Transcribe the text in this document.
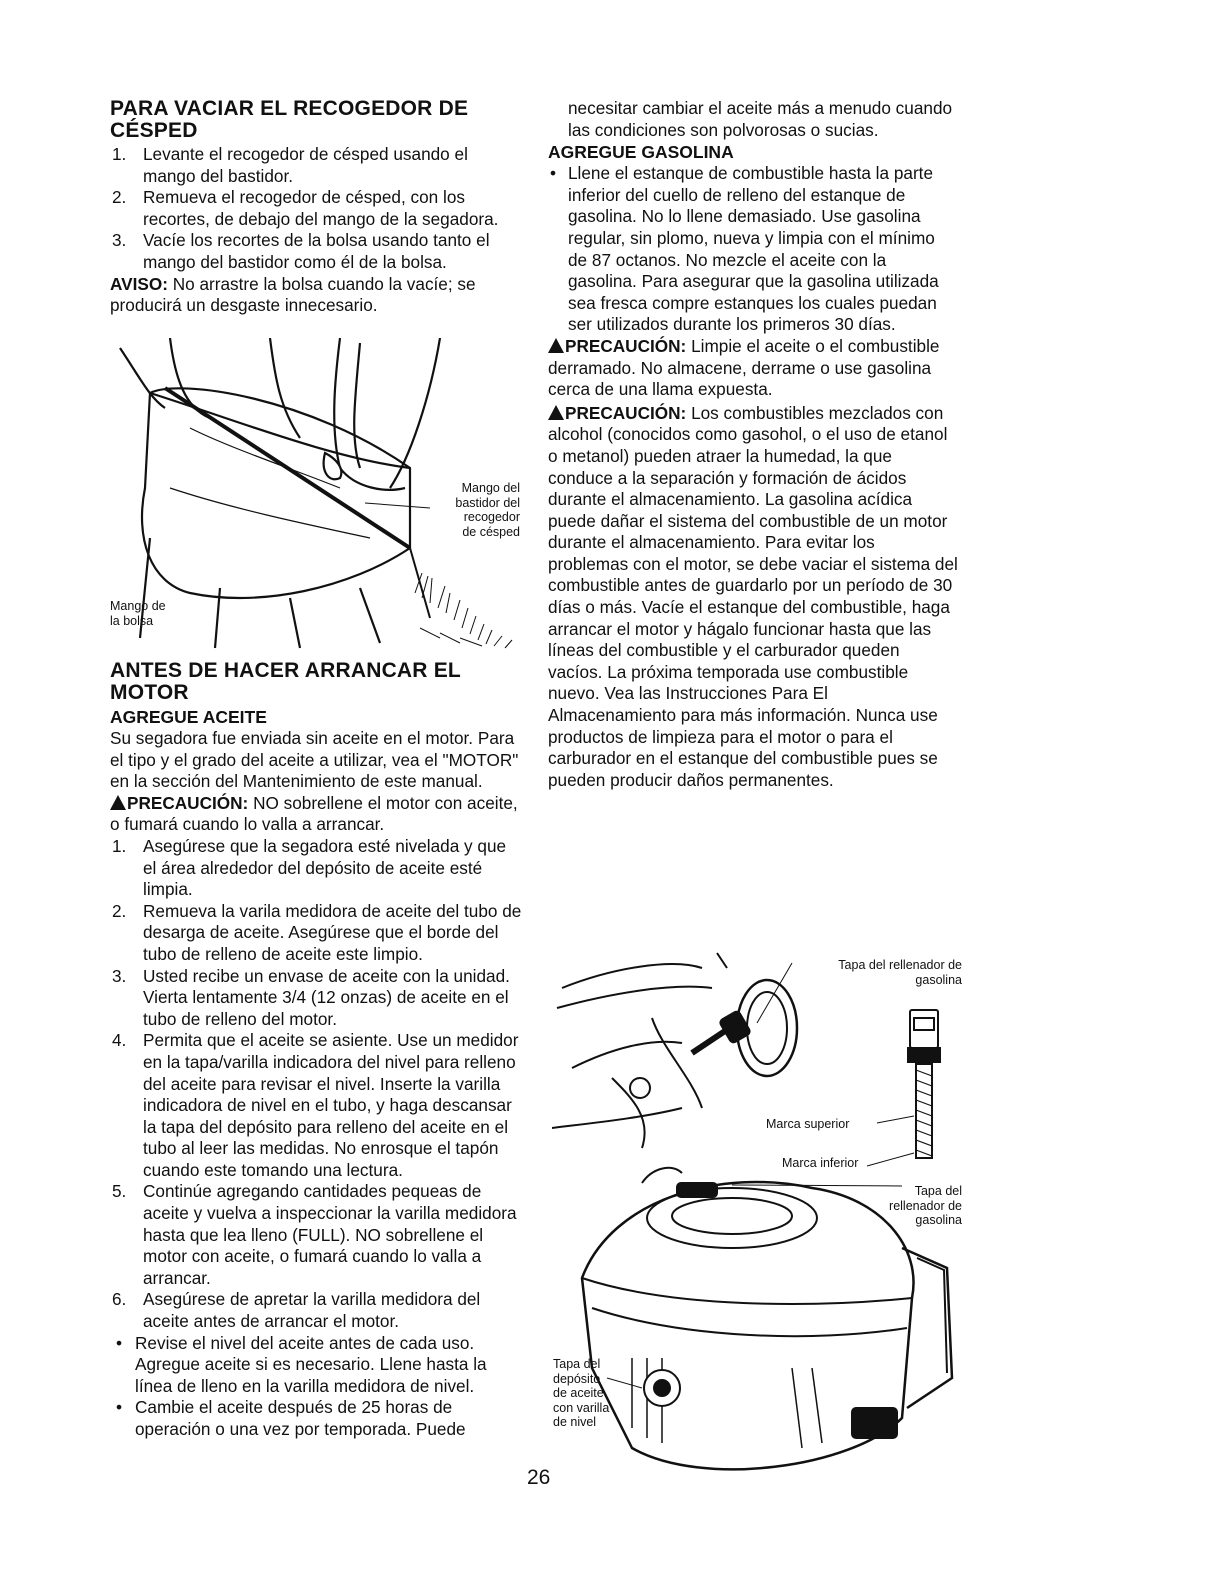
PARA VACIAR EL RECOGEDOR DE
CÉSPED
1. Levante el recogedor de césped usando el mango del bastidor.
2. Remueva el recogedor de césped, con los recortes, de debajo del mango de la segadora.
3. Vacíe los recortes de la bolsa usando tanto el mango del bastidor como él de la bolsa.

AVISO: No arrastre la bolsa cuando la vacíe; se producirá un desgaste innecesario.

Mango del
bastidor del
recogedor
de césped
Mango de
la bolsa
ANTES DE HACER ARRANCAR EL
MOTOR
AGREGUE ACEITE

Su segadora fue enviada sin aceite en el motor. Para el tipo y el grado del aceite a utilizar, vea el "MOTOR" en la sección del Mantenimiento de este manual.

PRECAUCIÓN: NO sobrellene el motor con aceite, o fumará cuando lo valla a arrancar.

1. Asegúrese que la segadora esté nivelada y que el área alrededor del depósito de aceite esté limpia.
2. Remueva la varila medidora de aceite del tubo de desarga de aceite. Asegúrese que el borde del tubo de relleno de aceite este limpio.
3. Usted recibe un envase de aceite con la unidad. Vierta lentamente 3/4 (12 onzas) de aceite en el tubo de relleno del motor.
4. Permita que el aceite se asiente. Use un medidor en la tapa/varilla indicadora del nivel para relleno del aceite para revisar el nivel. Inserte la varilla indicadora de nivel en el tubo, y haga descansar la tapa del depósito para relleno del aceite en el tubo al leer las medidas. No enrosque el tapón cuando este tomando una lectura.
5. Continúe agregando cantidades pequeas de aceite y vuelva a inspeccionar la varilla medidora hasta que lea lleno (FULL). NO sobrellene el motor con aceite, o fumará cuando lo valla a arrancar.
6. Asegúrese de apretar la varilla medidora del aceite antes de arrancar el motor.
• Revise el nivel del aceite antes de cada uso. Agregue aceite si es necesario. Llene hasta la línea de lleno en la varilla medidora de nivel.
• Cambie el aceite después de 25 horas de operación o una vez por temporada. Puede
26

necesitar cambiar el aceite más a menudo cuando las condiciones son polvorosas o sucias.

AGREGUE GASOLINA
• Llene el estanque de combustible hasta la parte inferior del cuello de relleno del estanque de gasolina. No lo llene demasiado. Use gasolina regular, sin plomo, nueva y limpia con el mínimo de 87 octanos. No mezcle el aceite con la gasolina. Para asegurar que la gasolina utilizada sea fresca compre estanques los cuales puedan ser utilizados durante los primeros 30 días.

PRECAUCIÓN: Limpie el aceite o el combustible derramado. No almacene, derrame o use gasolina cerca de una llama expuesta.

PRECAUCIÓN: Los combustibles mezclados con alcohol (conocidos como gasohol, o el uso de etanol o metanol) pueden atraer la humedad, la que conduce a la separación y formación de ácidos durante el almacenamiento. La gasolina acídica puede dañar el sistema del combustible de un motor durante el almacenamiento. Para evitar los problemas con el motor, se debe vaciar el sistema del combustible antes de guardarlo por un período de 30 días o más. Vacíe el estanque del combustible, haga arrancar el motor y hágalo funcionar hasta que las líneas del combustible y el carburador queden vacíos. La próxima temporada use combustible nuevo. Vea las Instrucciones Para El Almacenamiento para más información. Nunca use productos de limpieza para el motor o para el carburador en el estanque del combustible pues se pueden producir daños permanentes.

Tapa del rellenador de
gasolina
Marca superior
Marca inferior
Tapa del
rellenador de
gasolina
Tapa del
depósito
de aceite
con varilla
de nivel
